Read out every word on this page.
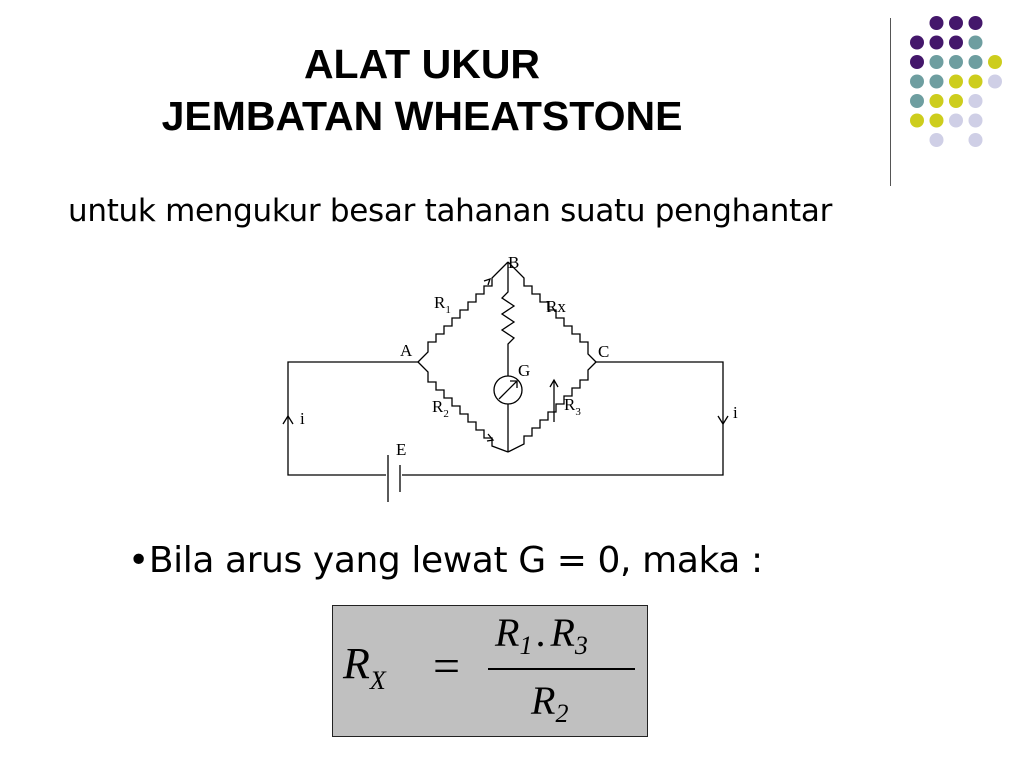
ALAT UKUR
JEMBATAN WHEATSTONE
untuk mengukur besar tahanan suatu penghantar
A
B
C
G
E
Rx
i	i
$R_1$
$R_2$	$R_3$
•Bila arus yang lewat G = 0, maka :
$R_X$ =
$R_1$ . $R_3$
$R_2$
